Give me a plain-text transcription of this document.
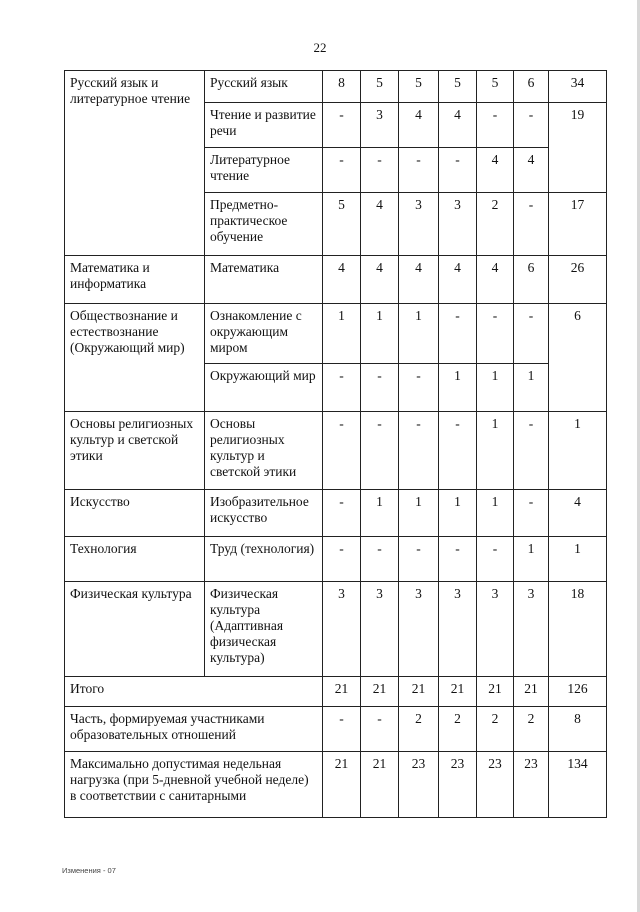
22
Русский язык и литературное чтение	Русский язык	8	5	5	5	5	6	34
	Чтение и развитие речи	-	3	4	4	-	-	19
	Литературное чтение	-	-	-	-	4	4	
	Предметно-практическое обучение	5	4	3	3	2	-	17
Математика и информатика	Математика	4	4	4	4	4	6	26
Обществознание и естествознание (Окружающий мир)	Ознакомление с окружающим миром	1	1	1	-	-	-	6
	Окружающий мир	-	-	-	1	1	1	
Основы религиозных культур и светской этики	Основы религиозных культур и светской этики	-	-	-	-	1	-	1
Искусство	Изобразительное искусство	-	1	1	1	1	-	4
Технология	Труд (технология)	-	-	-	-	-	1	1
Физическая культура	Физическая культура (Адаптивная физическая культура)	3	3	3	3	3	3	18
Итого		21	21	21	21	21	21	126
Часть, формируемая участниками образовательных отношений		-	-	2	2	2	2	8
Максимально допустимая недельная нагрузка (при 5-дневной учебной неделе) в соответствии с санитарными		21	21	23	23	23	23	134
Изменения - 07
